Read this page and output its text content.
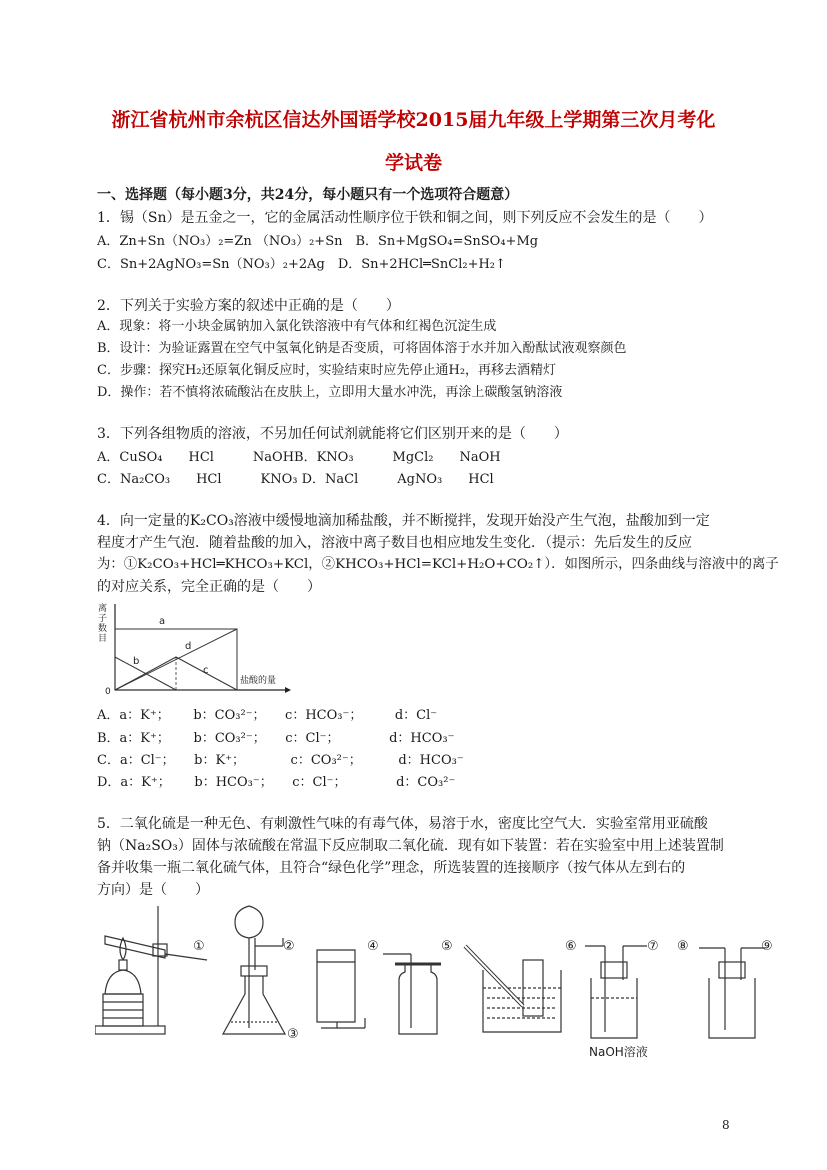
浙江省杭州市余杭区信达外国语学校2015届九年级上学期第三次月考化
学试卷
一、选择题（每小题3分，共24分，每小题只有一个选项符合题意）
1．锡（Sn）是五金之一，它的金属活动性顺序位于铁和铜之间，则下列反应不会发生的是（　　）
A．Zn+Sn（NO₃）₂=Zn （NO₃）₂+Sn　B．Sn+MgSO₄=SnSO₄+Mg
C．Sn+2AgNO₃=Sn（NO₃）₂+2Ag　D．Sn+2HCl═SnCl₂+H₂↑
2．下列关于实验方案的叙述中正确的是（　　）
A．现象：将一小块金属钠加入氯化铁溶液中有气体和红褐色沉淀生成
B．设计：为验证露置在空气中氢氧化钠是否变质，可将固体溶于水并加入酚酞试液观察颜色
C．步骤：探究H₂还原氧化铜反应时，实验结束时应先停止通H₂，再移去酒精灯
D．操作：若不慎将浓硫酸沾在皮肤上，立即用大量水冲洗，再涂上碳酸氢钠溶液
3．下列各组物质的溶液，不另加任何试剂就能将它们区别开来的是（　　）
A．CuSO₄　　HCl　　　NaOHB．KNO₃　　　MgCl₂　　NaOH
C．Na₂CO₃　　HCl　　　KNO₃ D．NaCl　　　AgNO₃　　HCl
4．向一定量的K₂CO₃溶液中缓慢地滴加稀盐酸，并不断搅拌，发现开始没产生气泡，盐酸加到一定
程度才产生气泡．随着盐酸的加入，溶液中离子数目也相应地发生变化．（提示：先后发生的反应
为：①K₂CO₃+HCl═KHCO₃+KCl，②KHCO₃+HCl=KCl+H₂O+CO₂↑）．如图所示，四条曲线与溶液中的离子
的对应关系，完全正确的是（　　）
离
子
数
目
0
盐酸的量
a
b
c
d
A．a：K⁺；　　 b：CO₃²⁻；　　c：HCO₃⁻；　　　d：Cl⁻
B．a：K⁺；　　 b：CO₃²⁻；　　c：Cl⁻；　　　　 d：HCO₃⁻
C．a：Cl⁻；　　b：K⁺；　　　　c：CO₃²⁻；　　　 d：HCO₃⁻
D．a：K⁺；　　 b：HCO₃⁻；　　c：Cl⁻；　　　　 d：CO₃²⁻
5．二氧化硫是一种无色、有刺激性气味的有毒气体，易溶于水，密度比空气大．实验室常用亚硫酸
钠（Na₂SO₃）固体与浓硫酸在常温下反应制取二氧化硫．现有如下装置：若在实验室中用上述装置制
备并收集一瓶二氧化硫气体，且符合“绿色化学”理念，所选装置的连接顺序（按气体从左到右的
方向）是（　　）
①	②
③
④	⑤	⑥	⑦ ⑧	⑨
NaOH溶液
8
